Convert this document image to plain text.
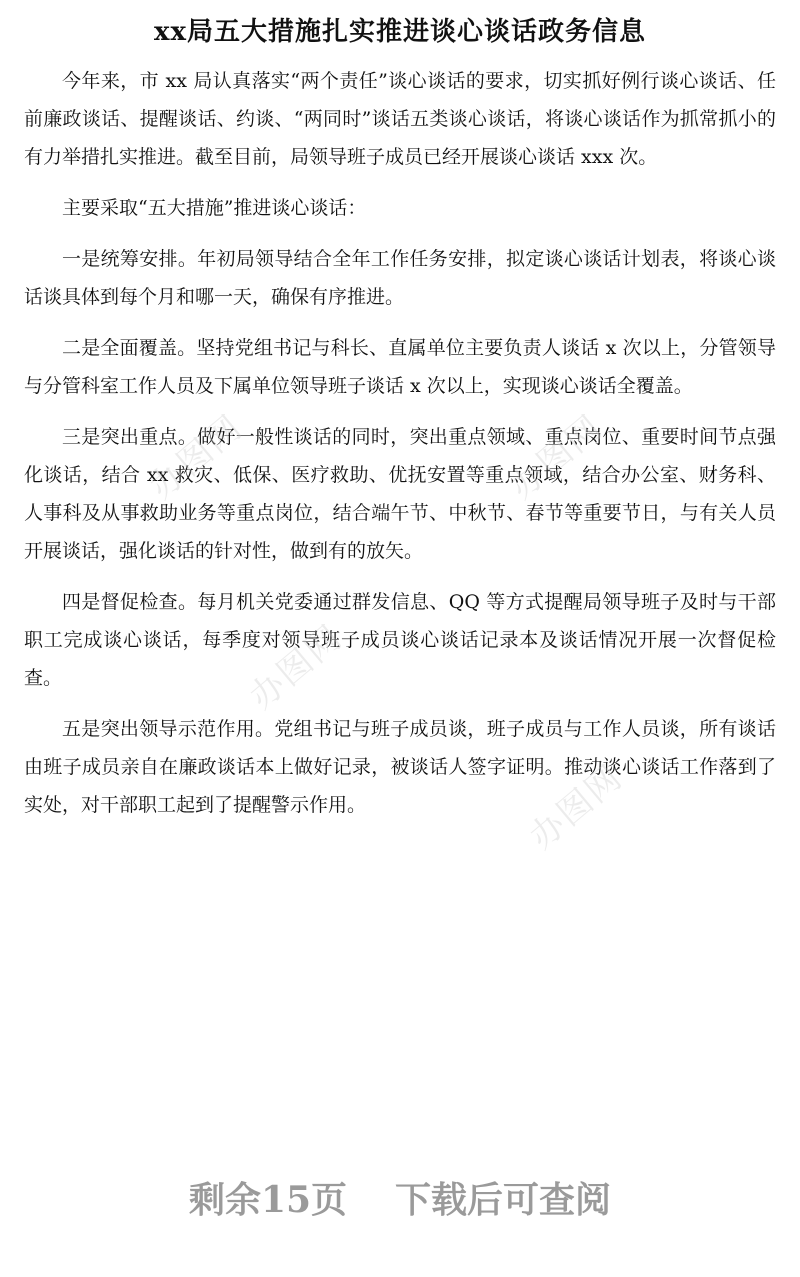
xx局五大措施扎实推进谈心谈话政务信息

今年来，市 xx 局认真落实“两个责任”谈心谈话的要求，切实抓好例行谈心谈话、任前廉政谈话、提醒谈话、约谈、“两同时”谈话五类谈心谈话，将谈心谈话作为抓常抓小的有力举措扎实推进。截至目前，局领导班子成员已经开展谈心谈话 xxx 次。

主要采取“五大措施”推进谈心谈话：

一是统筹安排。年初局领导结合全年工作任务安排，拟定谈心谈话计划表，将谈心谈话谈具体到每个月和哪一天，确保有序推进。

二是全面覆盖。坚持党组书记与科长、直属单位主要负责人谈话 x 次以上，分管领导与分管科室工作人员及下属单位领导班子谈话 x 次以上，实现谈心谈话全覆盖。

三是突出重点。做好一般性谈话的同时，突出重点领域、重点岗位、重要时间节点强化谈话，结合 xx 救灾、低保、医疗救助、优抚安置等重点领域，结合办公室、财务科、人事科及从事救助业务等重点岗位，结合端午节、中秋节、春节等重要节日，与有关人员开展谈话，强化谈话的针对性，做到有的放矢。

四是督促检查。每月机关党委通过群发信息、QQ 等方式提醒局领导班子及时与干部职工完成谈心谈话，每季度对领导班子成员谈心谈话记录本及谈话情况开展一次督促检查。

五是突出领导示范作用。党组书记与班子成员谈，班子成员与工作人员谈，所有谈话由班子成员亲自在廉政谈话本上做好记录，被谈话人签字证明。推动谈心谈话工作落到了实处，对干部职工起到了提醒警示作用。

办图网	办图网
办图网
办图网
剩余15页 下载后可查阅
